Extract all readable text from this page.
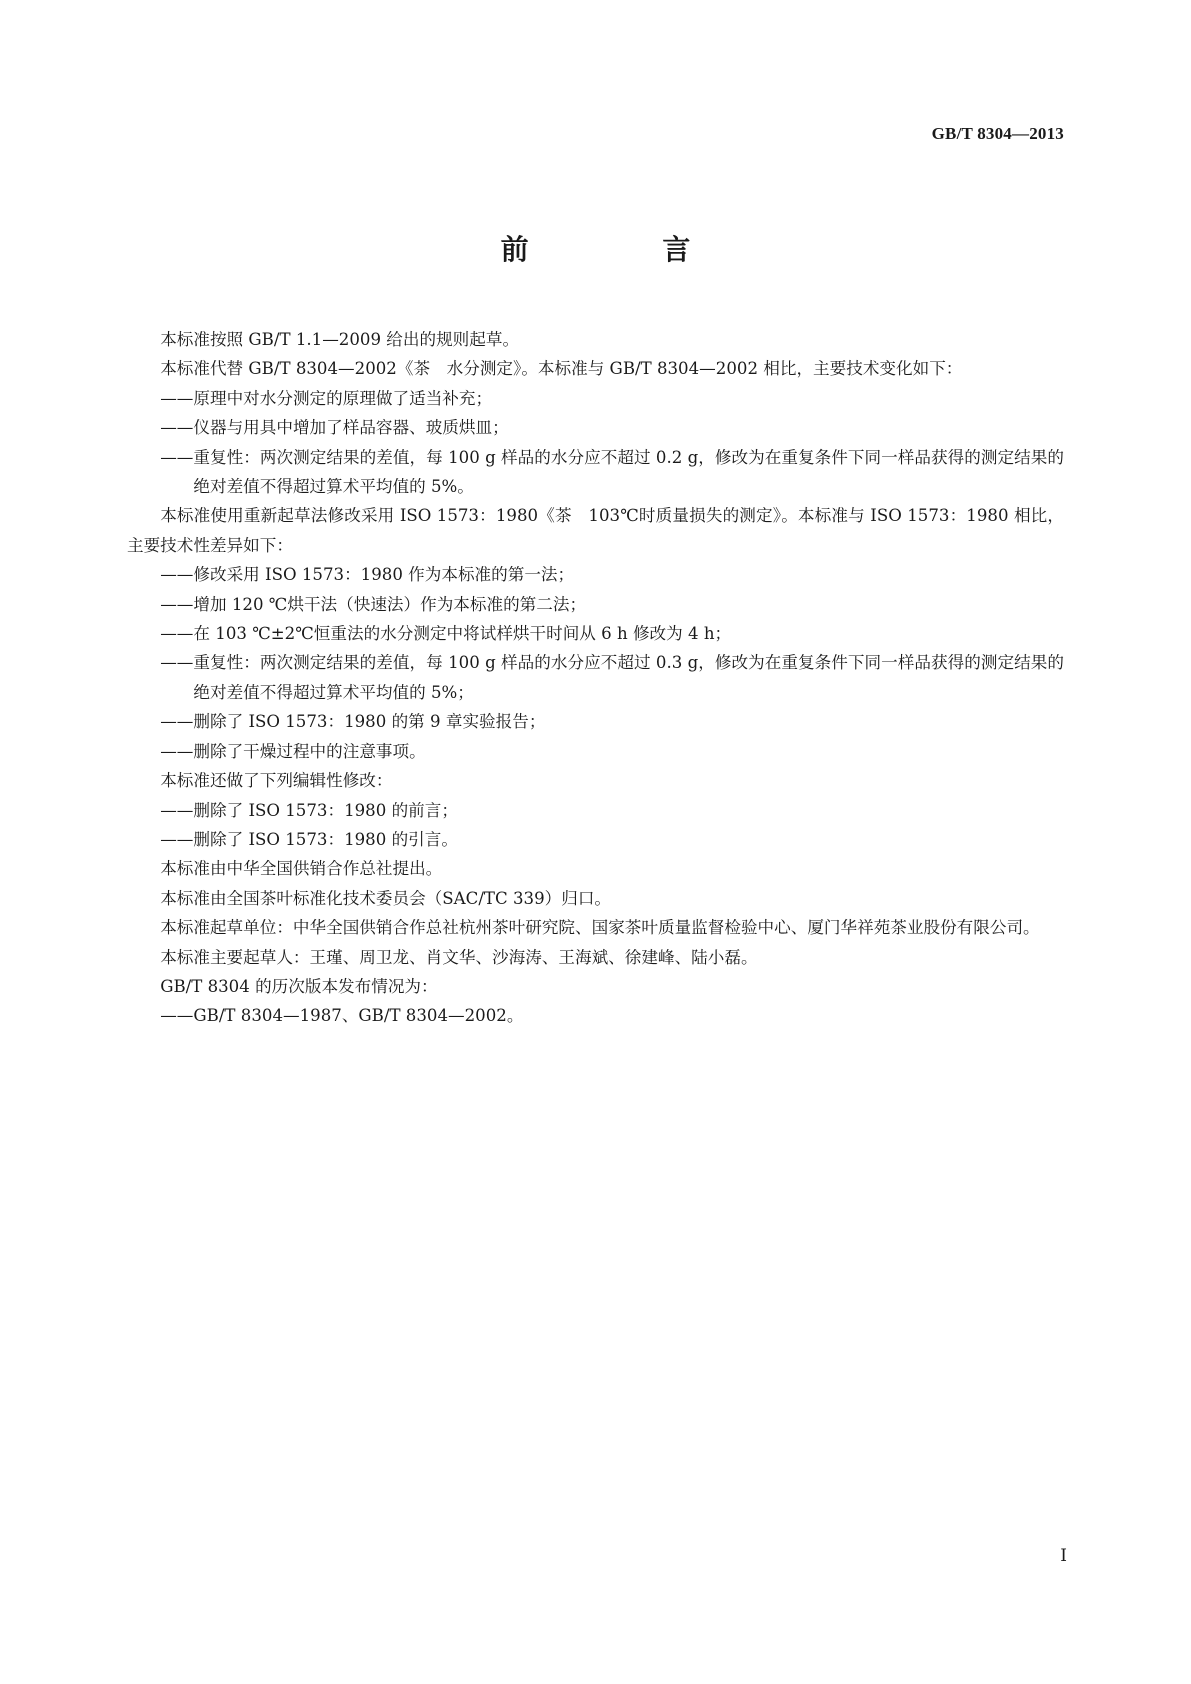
GB/T 8304—2013
前 言

本标准按照 GB/T 1.1—2009 给出的规则起草。

本标准代替 GB/T 8304—2002《茶　水分测定》。本标准与 GB/T 8304—2002 相比，主要技术变化如下：

——原理中对水分测定的原理做了适当补充；

——仪器与用具中增加了样品容器、玻质烘皿；

——重复性：两次测定结果的差值，每 100 g 样品的水分应不超过 0.2 g，修改为在重复条件下同一样品获得的测定结果的绝对差值不得超过算术平均值的 5%。

本标准使用重新起草法修改采用 ISO 1573：1980《茶　103℃时质量损失的测定》。本标准与 ISO 1573：1980 相比，主要技术性差异如下：

——修改采用 ISO 1573：1980 作为本标准的第一法；

——增加 120 ℃烘干法（快速法）作为本标准的第二法；

——在 103 ℃±2℃恒重法的水分测定中将试样烘干时间从 6 h 修改为 4 h；

——重复性：两次测定结果的差值，每 100 g 样品的水分应不超过 0.3 g，修改为在重复条件下同一样品获得的测定结果的绝对差值不得超过算术平均值的 5%；

——删除了 ISO 1573：1980 的第 9 章实验报告；

——删除了干燥过程中的注意事项。

本标准还做了下列编辑性修改：

——删除了 ISO 1573：1980 的前言；

——删除了 ISO 1573：1980 的引言。

本标准由中华全国供销合作总社提出。

本标准由全国茶叶标准化技术委员会（SAC/TC 339）归口。

本标准起草单位：中华全国供销合作总社杭州茶叶研究院、国家茶叶质量监督检验中心、厦门华祥苑茶业股份有限公司。

本标准主要起草人：王瑾、周卫龙、肖文华、沙海涛、王海斌、徐建峰、陆小磊。

GB/T 8304 的历次版本发布情况为：

——GB/T 8304—1987、GB/T 8304—2002。

I
